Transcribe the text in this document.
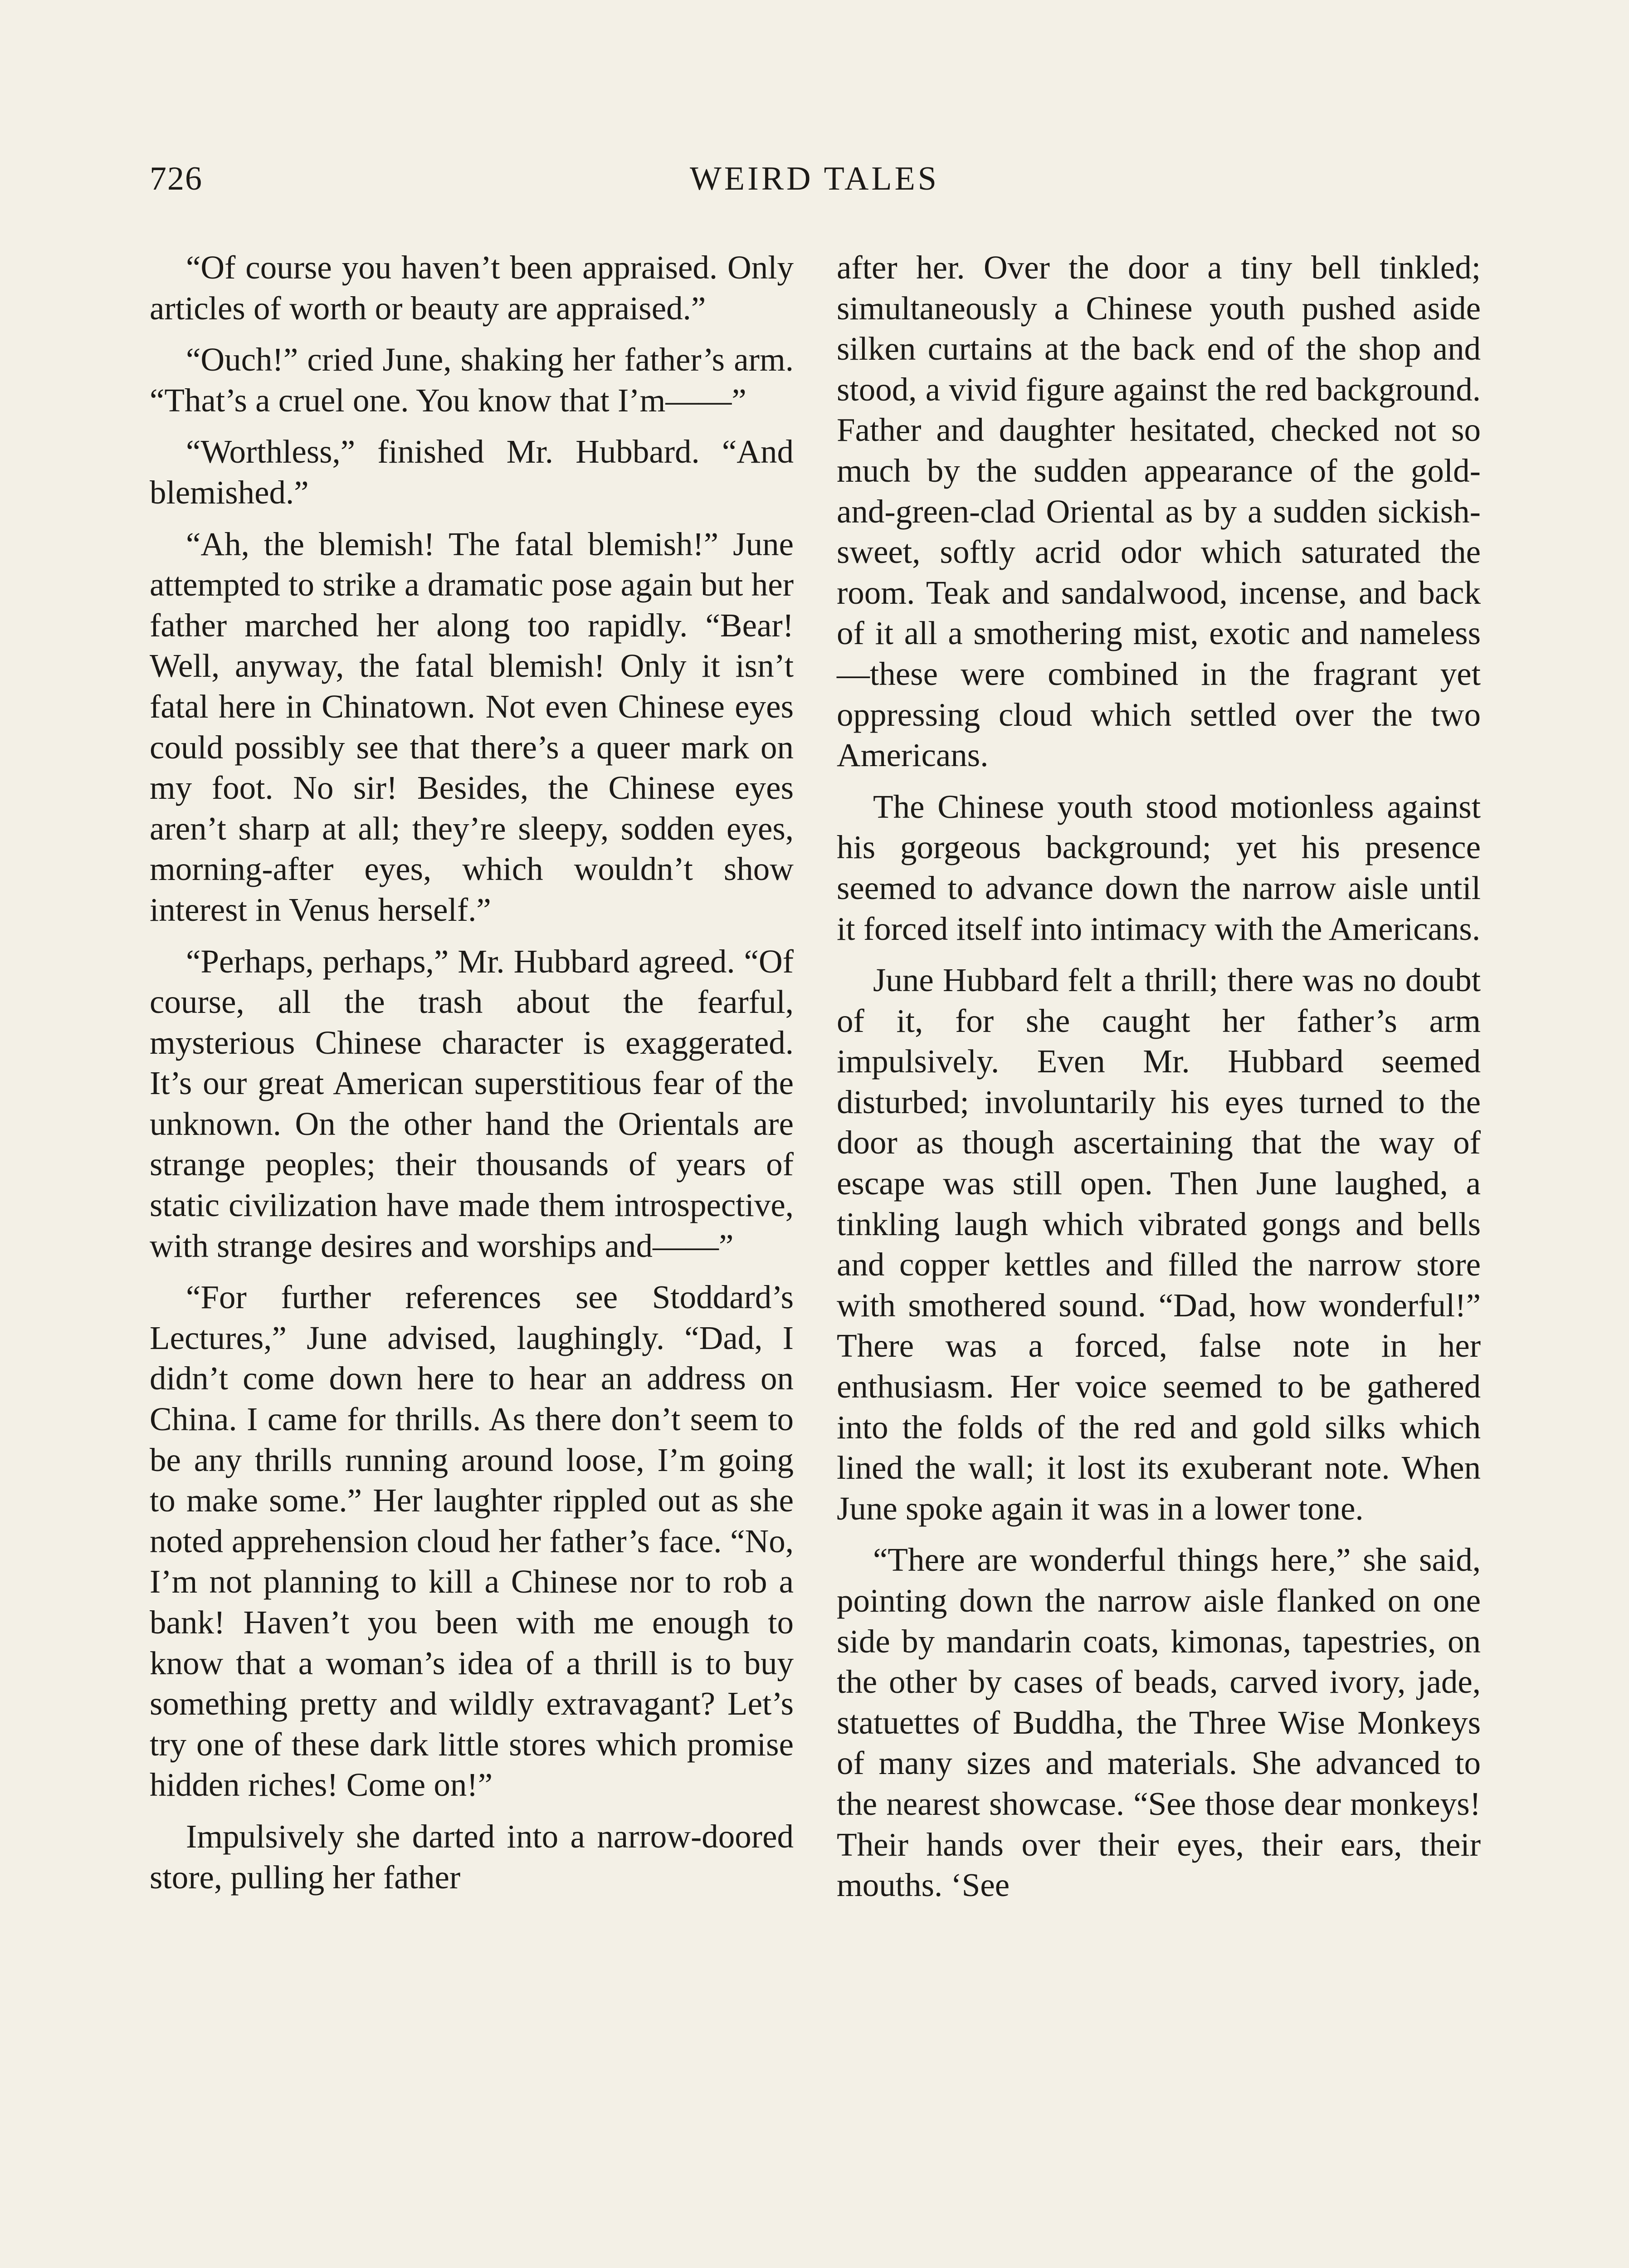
726	WEIRD TALES

“Of course you haven’t been appraised. Only articles of worth or beauty are appraised.”

“Ouch!” cried June, shaking her father’s arm. “That’s a cruel one. You know that I’m——”

“Worthless,” finished Mr. Hubbard. “And blemished.”

“Ah, the blemish! The fatal blemish!” June attempted to strike a dramatic pose again but her father marched her along too rapidly. “Bear! Well, anyway, the fatal blemish! Only it isn’t fatal here in Chinatown. Not even Chinese eyes could possibly see that there’s a queer mark on my foot. No sir! Besides, the Chinese eyes aren’t sharp at all; they’re sleepy, sodden eyes, morning-after eyes, which wouldn’t show interest in Venus herself.”

“Perhaps, perhaps,” Mr. Hubbard agreed. “Of course, all the trash about the fearful, mysterious Chinese character is exaggerated. It’s our great American superstitious fear of the unknown. On the other hand the Orientals are strange peoples; their thousands of years of static civilization have made them introspective, with strange desires and worships and——”

“For further references see Stoddard’s Lectures,” June advised, laughingly. “Dad, I didn’t come down here to hear an address on China. I came for thrills. As there don’t seem to be any thrills running around loose, I’m going to make some.” Her laughter rippled out as she noted apprehension cloud her father’s face. “No, I’m not planning to kill a Chinese nor to rob a bank! Haven’t you been with me enough to know that a woman’s idea of a thrill is to buy something pretty and wildly extravagant? Let’s try one of these dark little stores which promise hidden riches! Come on!”

Impulsively she darted into a narrow-doored store, pulling her father

after her. Over the door a tiny bell tinkled; simultaneously a Chinese youth pushed aside silken curtains at the back end of the shop and stood, a vivid figure against the red background. Father and daughter hesitated, checked not so much by the sudden appearance of the gold-and-green-clad Oriental as by a sudden sickish-sweet, softly acrid odor which saturated the room. Teak and sandalwood, incense, and back of it all a smothering mist, exotic and nameless —these were combined in the fragrant yet oppressing cloud which settled over the two Americans.

The Chinese youth stood motionless against his gorgeous background; yet his presence seemed to advance down the narrow aisle until it forced itself into intimacy with the Americans.

June Hubbard felt a thrill; there was no doubt of it, for she caught her father’s arm impulsively. Even Mr. Hubbard seemed disturbed; involuntarily his eyes turned to the door as though ascertaining that the way of escape was still open. Then June laughed, a tinkling laugh which vibrated gongs and bells and copper kettles and filled the narrow store with smothered sound. “Dad, how wonderful!” There was a forced, false note in her enthusiasm. Her voice seemed to be gathered into the folds of the red and gold silks which lined the wall; it lost its exuberant note. When June spoke again it was in a lower tone.

“There are wonderful things here,” she said, pointing down the narrow aisle flanked on one side by mandarin coats, kimonas, tapestries, on the other by cases of beads, carved ivory, jade, statuettes of Buddha, the Three Wise Monkeys of many sizes and materials. She advanced to the nearest showcase. “See those dear monkeys! Their hands over their eyes, their ears, their mouths. ‘See
